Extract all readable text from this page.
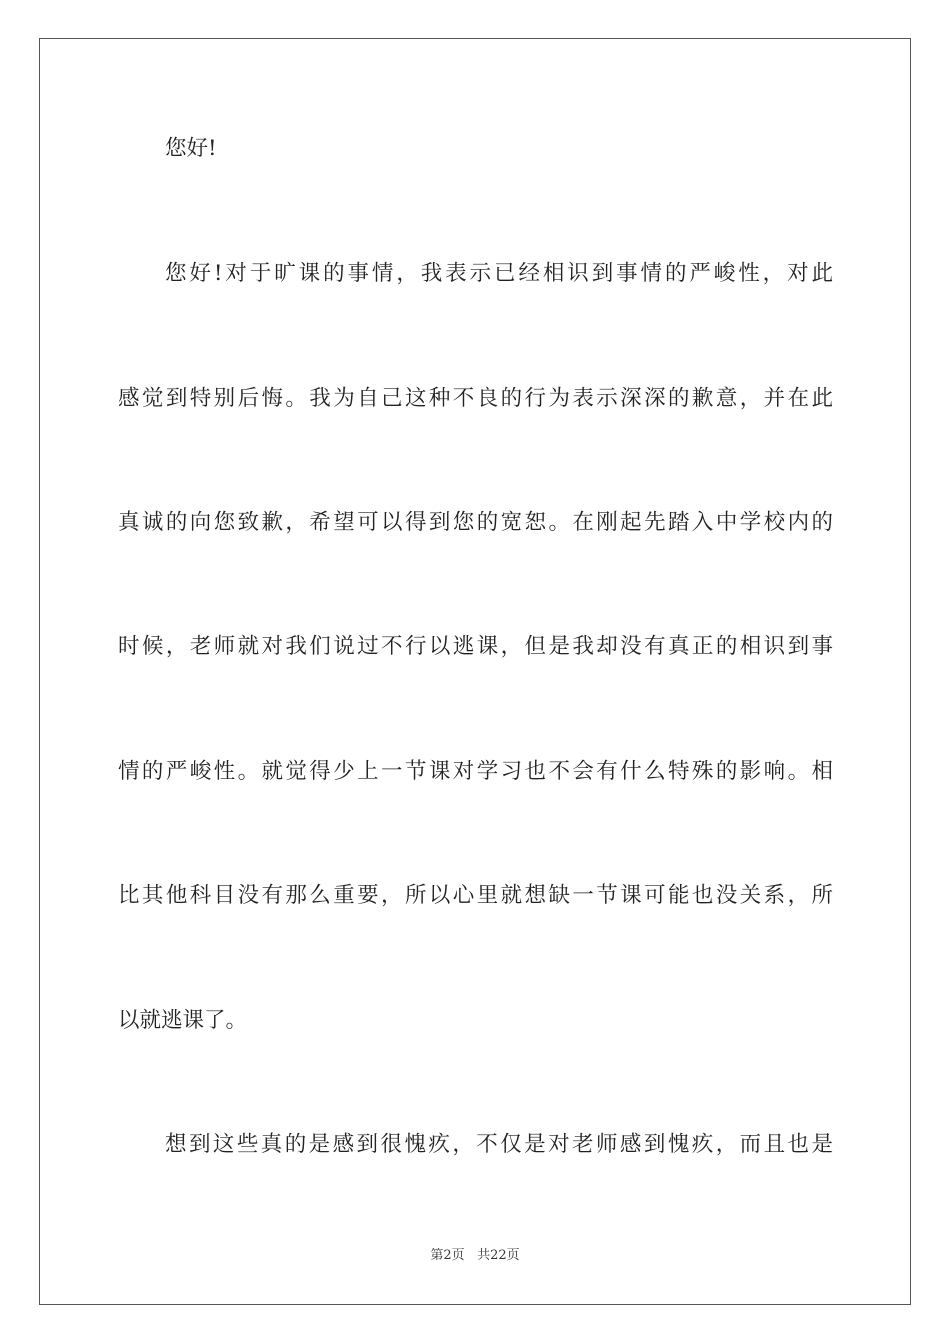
您好!
您好!对于旷课的事情，我表示已经相识到事情的严峻性，对此
感觉到特别后悔。我为自己这种不良的行为表示深深的歉意，并在此
真诚的向您致歉，希望可以得到您的宽恕。在刚起先踏入中学校内的
时候，老师就对我们说过不行以逃课，但是我却没有真正的相识到事
情的严峻性。就觉得少上一节课对学习也不会有什么特殊的影响。相
比其他科目没有那么重要，所以心里就想缺一节课可能也没关系，所
以就逃课了。
想到这些真的是感到很愧疚，不仅是对老师感到愧疚，而且也是
第2页 共22页
